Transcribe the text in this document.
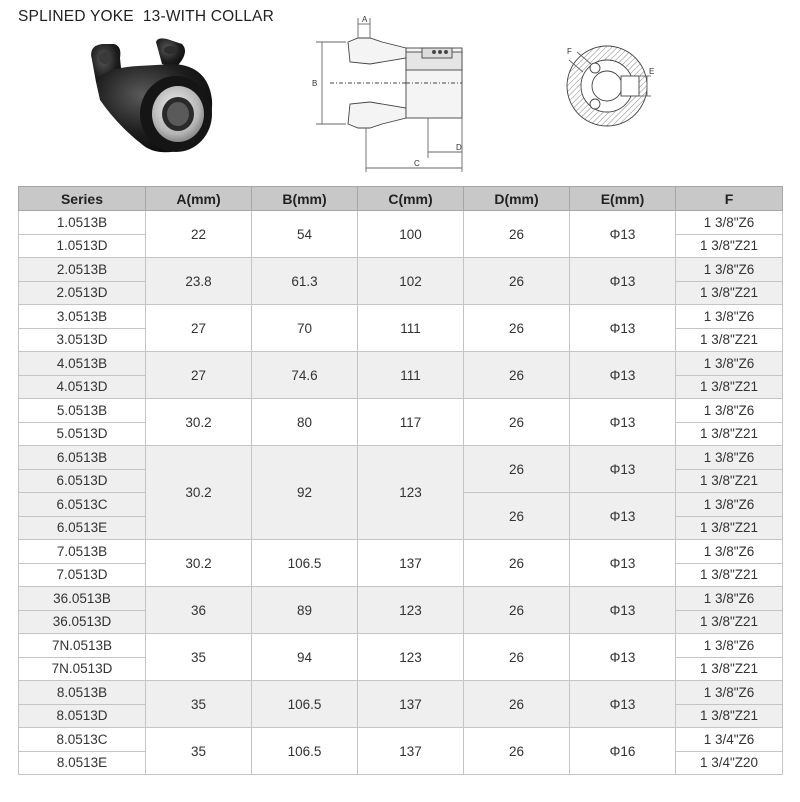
SPLINED YOKE  13-WITH COLLAR	A
B
D
C
E
F
Series	A(mm)	B(mm)	C(mm)	D(mm)	E(mm)	F
1.0513B	22	54	100	26	Φ13	1 3/8"Z6
1.0513D						1 3/8"Z21
2.0513B	23.8	61.3	102	26	Φ13	1 3/8"Z6
2.0513D						1 3/8"Z21
3.0513B	27	70	111	26	Φ13	1 3/8"Z6
3.0513D						1 3/8"Z21
4.0513B	27	74.6	111	26	Φ13	1 3/8"Z6
4.0513D						1 3/8"Z21
5.0513B	30.2	80	117	26	Φ13	1 3/8"Z6
5.0513D						1 3/8"Z21
6.0513B	30.2	92	123	26	Φ13	1 3/8"Z6
6.0513D						1 3/8"Z21
6.0513C				26	Φ13	1 3/8"Z6
6.0513E						1 3/8"Z21
7.0513B	30.2	106.5	137	26	Φ13	1 3/8"Z6
7.0513D						1 3/8"Z21
36.0513B	36	89	123	26	Φ13	1 3/8"Z6
36.0513D						1 3/8"Z21
7N.0513B	35	94	123	26	Φ13	1 3/8"Z6
7N.0513D						1 3/8"Z21
8.0513B	35	106.5	137	26	Φ13	1 3/8"Z6
8.0513D						1 3/8"Z21
8.0513C	35	106.5	137	26	Φ16	1 3/4"Z6
8.0513E						1 3/4"Z20
